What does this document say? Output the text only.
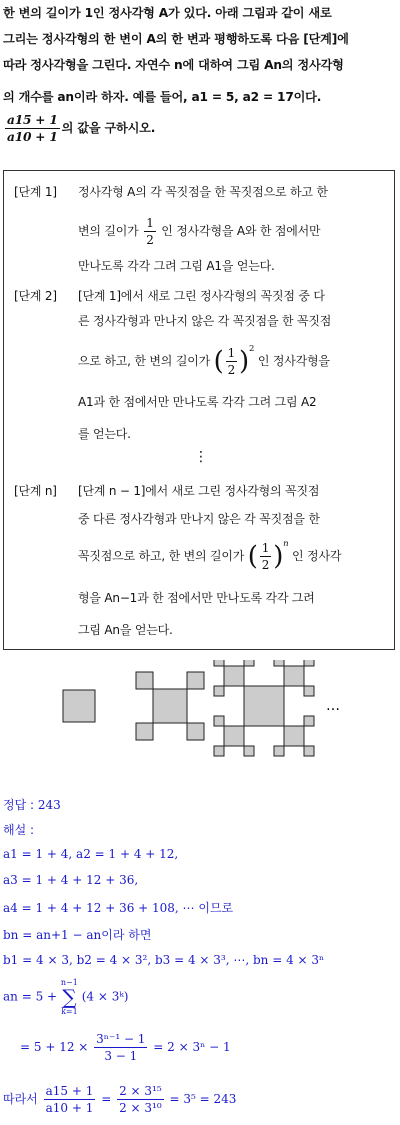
한 변의 길이가 1인 정사각형 A가 있다. 아래 그림과 같이 새로
그리는 정사각형의 한 변이 A의 한 변과 평행하도록 다음 [단계]에
따라 정사각형을 그린다. 자연수 n에 대하여 그림 An의 정사각형
의 개수를 an이라 하자. 예를 들어, a1 = 5, a2 = 17이다.
$\frac{a15 + 1}{a10 + 1}$ 의 값을 구하시오.
[단계 1] 정사각형 A의 각 꼭짓점을 한 꼭짓점으로 하고 한
변의 길이가 $\frac{1}{2}$ 인 정사각형을 A와 한 점에서만
만나도록 각각 그려 그림 A1을 얻는다.
[단계 2] [단계 1]에서 새로 그린 정사각형의 꼭짓점 중 다
른 정사각형과 만나지 않은 각 꼭짓점을 한 꼭짓점
으로 하고, 한 변의 길이가 ( $\frac{1}{2} )^2$ 인 정사각형을
A1과 한 점에서만 만나도록 각각 그려 그림 A2
를 얻는다.
⋮
[단계 n] [단계 n − 1]에서 새로 그린 정사각형의 꼭짓점
중 다른 정사각형과 만나지 않은 각 꼭짓점을 한
꼭짓점으로 하고, 한 변의 길이가 ( $\frac{1}{2} )^n$ 인 정사각
형을 An−1과 한 점에서만 만나도록 각각 그려
그림 An을 얻는다.
…
정답 : 243
해설 :
a1 = 1 + 4, a2 = 1 + 4 + 12,
a3 = 1 + 4 + 12 + 36,
a4 = 1 + 4 + 12 + 36 + 108, ⋯ 이므로
bn = an+1 − an이라 하면
b1 = 4 × 3, b2 = 4 × 3², b3 = 4 × 3³, ⋯, bn = 4 × 3ⁿ
an = 5 + n−1
∑
k=1 (4 × 3ᵏ)
= $5 + 12 \times \frac{\text{3ⁿ⁻¹ − 1}}{3 - 1} = 2 \times 3^n - 1$
따라서 $\frac{a15 + 1}{a10 + 1} = \frac{\text{2 × 3¹⁵}}{\text{2 × 3¹⁰}} = 3^5 = 243$
